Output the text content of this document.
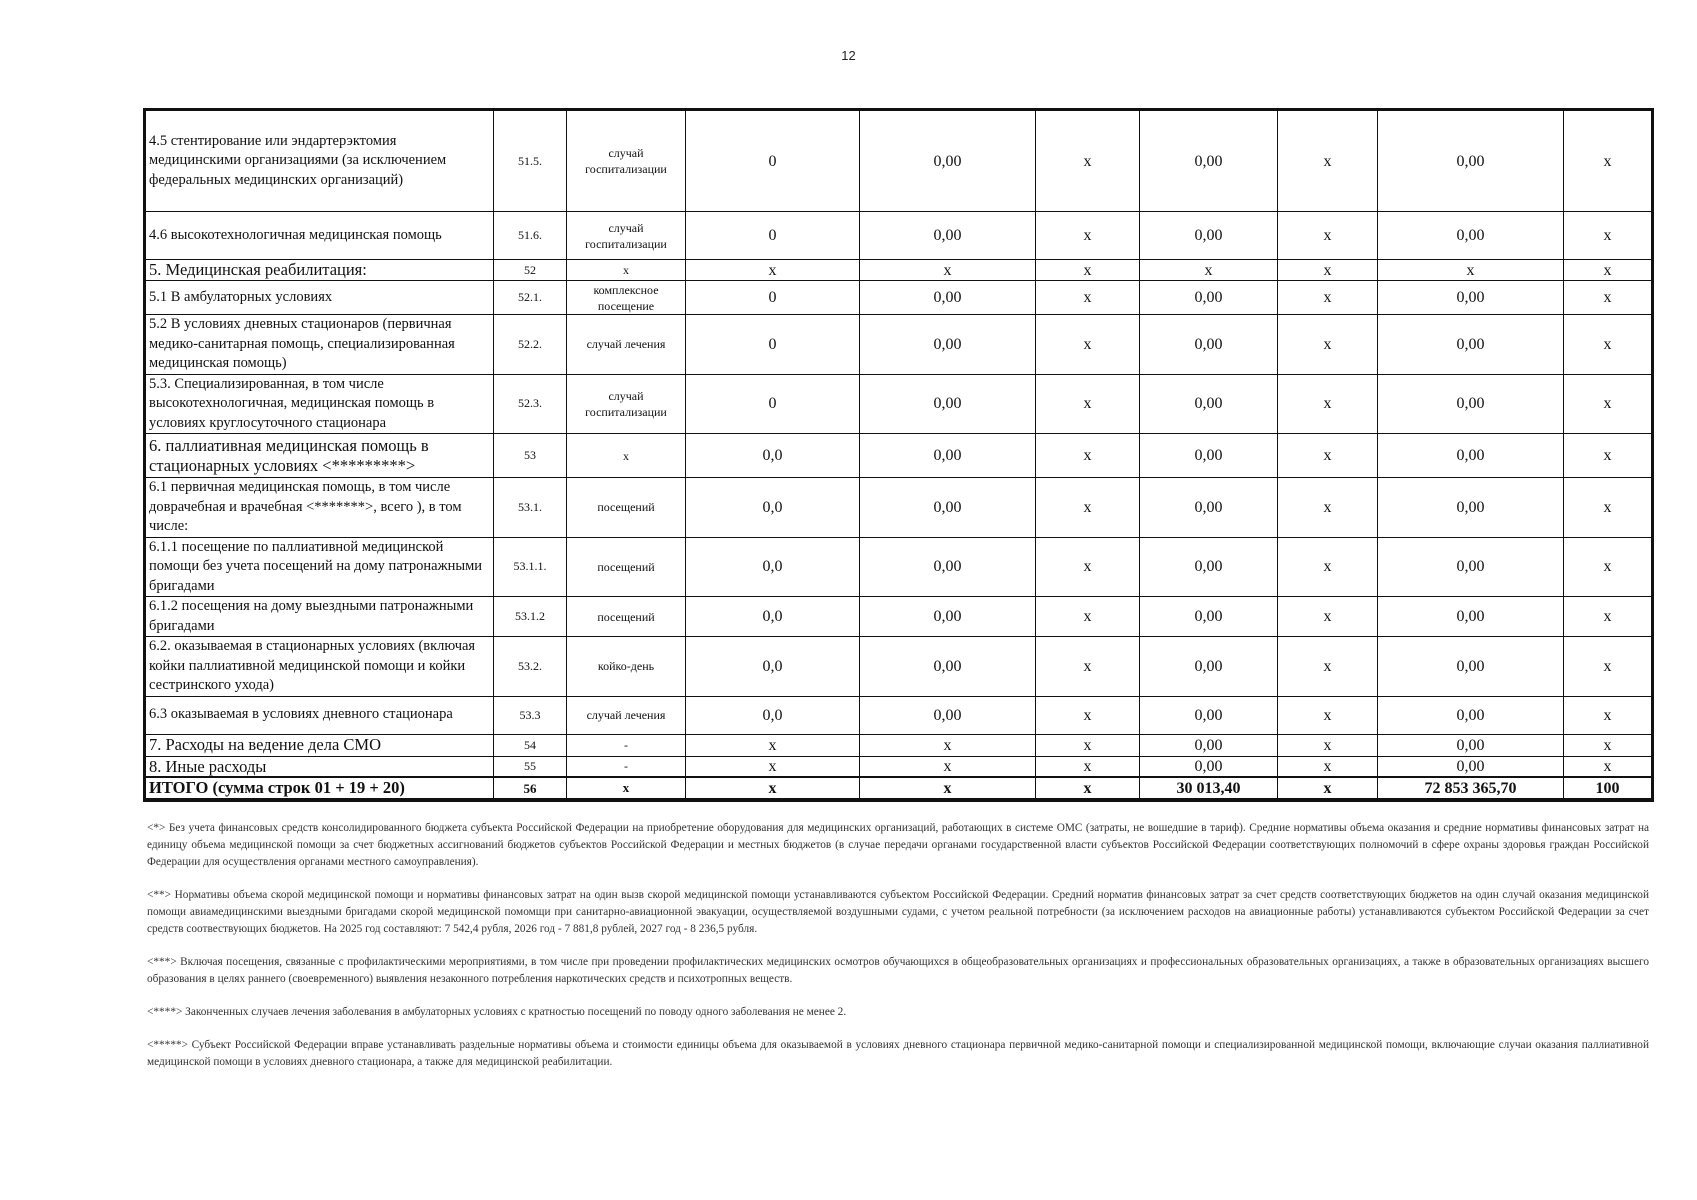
12
4.5 стентирование или эндартерэктомия медицинскими организациями (за исключением федеральных медицинских организаций)	51.5.	случай госпитализации	0	0,00	х	0,00	х	0,00	х
4.6 высокотехнологичная медицинская помощь	51.6.	случай госпитализации	0	0,00	х	0,00	х	0,00	х
5. Медицинская реабилитация:	52	х	х	х	х	х	х	х	х
5.1 В амбулаторных условиях	52.1.	комплексное посещение	0	0,00	х	0,00	х	0,00	х
5.2 В условиях дневных стационаров (первичная медико-санитарная помощь, специализированная медицинская помощь)	52.2.	случай лечения	0	0,00	х	0,00	х	0,00	х
5.3. Специализированная, в том числе высокотехнологичная, медицинская помощь в условиях круглосуточного стационара	52.3.	случай госпитализации	0	0,00	х	0,00	х	0,00	х
6. паллиативная медицинская помощь в стационарных условиях <*********>	53	х	0,0	0,00	х	0,00	х	0,00	х
6.1 первичная медицинская помощь, в том числе доврачебная и врачебная <*******>, всего ), в том числе:	53.1.	посещений	0,0	0,00	х	0,00	х	0,00	х
6.1.1 посещение по паллиативной медицинской помощи без учета посещений на дому патронажными бригадами	53.1.1.	посещений	0,0	0,00	х	0,00	х	0,00	х
6.1.2 посещения на дому выездными патронажными бригадами	53.1.2	посещений	0,0	0,00	х	0,00	х	0,00	х
6.2. оказываемая в стационарных условиях (включая койки паллиативной медицинской помощи и койки сестринского ухода)	53.2.	койко-день	0,0	0,00	х	0,00	х	0,00	х
6.3 оказываемая в условиях дневного стационара	53.3	случай лечения	0,0	0,00	х	0,00	х	0,00	х
7. Расходы на ведение дела СМО	54	-	х	х	х	0,00	х	0,00	х
8. Иные расходы	55	-	х	х	х	0,00	х	0,00	х
ИТОГО (сумма строк 01 + 19 + 20)	56	х	х	х	х	30 013,40	х	72 853 365,70	100

<*> Без учета финансовых средств консолидированного бюджета субъекта Российской Федерации на приобретение оборудования для медицинских организаций, работающих в системе ОМС (затраты, не вошедшие в тариф). Средние нормативы объема оказания и средние нормативы финансовых затрат на единицу объема медицинской помощи за счет бюджетных ассигнований бюджетов субъектов Российской Федерации и местных бюджетов (в случае передачи органами государственной власти субъектов Российской Федерации соответствующих полномочий в сфере охраны здоровья граждан Российской Федерации для осуществления органами местного самоуправления).

<**> Нормативы объема скорой медицинской помощи и нормативы финансовых затрат на один вызв скорой медицинской помощи устанавливаются субъектом Российской Федерации. Средний норматив финансовых затрат за счет средств соответствующих бюджетов на один случай оказания медицинской помощи авиамедицинскими выездными бригадами скорой медицинской помомщи при санитарно-авиационной эвакуации, осуществляемой воздушными судами, с учетом реальной потребности (за исключением расходов на авиационные работы) устанавливаются субъектом Российской Федерации за счет средств соотвествующих бюджетов. На 2025 год составляют: 7 542,4 рубля, 2026 год - 7 881,8 рублей, 2027 год - 8 236,5 рубля.

<***> Включая посещения, связанные с профилактическими мероприятиями, в том числе при проведении профилактических медицинских осмотров обучающихся в общеобразовательных организациях и профессиональных образовательных организациях, а также в образовательных организациях высшего образования в целях раннего (своевременного) выявления незаконного потребления наркотических средств и психотропных веществ.

<****> Законченных случаев лечения заболевания в амбулаторных условиях с кратностью посещений по поводу одного заболевания не менее 2.

<*****> Субъект Российской Федерации вправе устанавливать раздельные нормативы объема и стоимости единицы объема для оказываемой в условиях дневного стационара первичной медико-санитарной помощи и специализированной медицинской помощи, включающие случаи оказания паллиативной медицинской помощи в условиях дневного стационара, а также для медицинской реабилитации.
